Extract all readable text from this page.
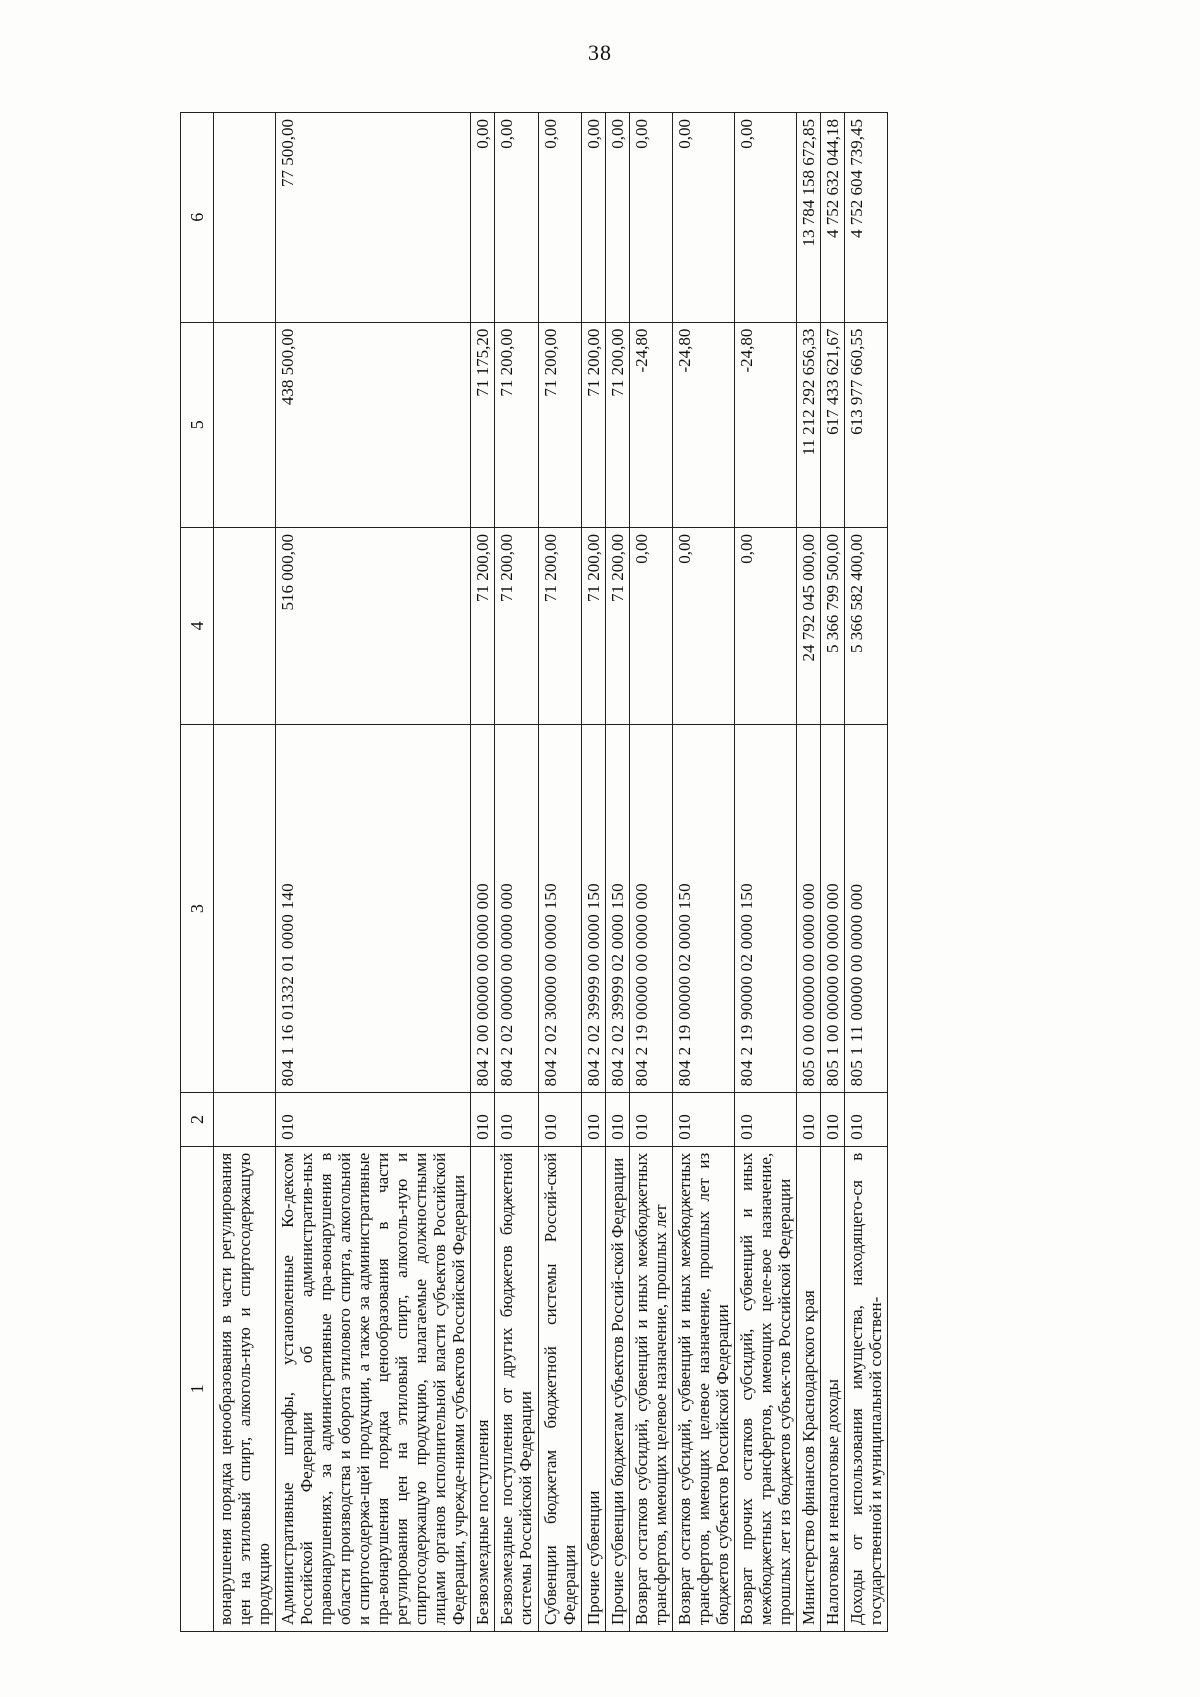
38
1	2	3	4	5	6
вонарушения порядка ценообразования в части регулирования цен на этиловый спирт, алкоголь-ную и спиртосодержащую продукцию					
Административные штрафы, установленные Ко-дексом Российской Федерации об административ-ных правонарушениях, за административные пра-вонарушения в области производства и оборота этилового спирта, алкогольной и спиртосодержа-щей продукции, а также за административные пра-вонарушения порядка ценообразования в части регулирования цен на этиловый спирт, алкоголь-ную и спиртосодержащую продукцию, налагаемые должностными лицами органов исполнительной власти субъектов Российской Федерации, учрежде-ниями субъектов Российской Федерации	010	804 1 16 01332 01 0000 140	516 000,00	438 500,00	77 500,00
Безвозмездные поступления	010	804 2 00 00000 00 0000 000	71 200,00	71 175,20	0,00
Безвозмездные поступления от других бюджетов бюджетной системы Российской Федерации	010	804 2 02 00000 00 0000 000	71 200,00	71 200,00	0,00
Субвенции бюджетам бюджетной системы Россий-ской Федерации	010	804 2 02 30000 00 0000 150	71 200,00	71 200,00	0,00
Прочие субвенции	010	804 2 02 39999 00 0000 150	71 200,00	71 200,00	0,00
Прочие субвенции бюджетам субъектов Россий-ской Федерации	010	804 2 02 39999 02 0000 150	71 200,00	71 200,00	0,00
Возврат остатков субсидий, субвенций и иных межбюджетных трансфертов, имеющих целевое назначение, прошлых лет	010	804 2 19 00000 00 0000 000	0,00	-24,80	0,00
Возврат остатков субсидий, субвенций и иных межбюджетных трансфертов, имеющих целевое назначение, прошлых лет из бюджетов субъектов Российской Федерации	010	804 2 19 00000 02 0000 150	0,00	-24,80	0,00
Возврат прочих остатков субсидий, субвенций и иных межбюджетных трансфертов, имеющих целе-вое назначение, прошлых лет из бюджетов субъек-тов Российской Федерации	010	804 2 19 90000 02 0000 150	0,00	-24,80	0,00
Министерство финансов Краснодарского края	010	805 0 00 00000 00 0000 000	24 792 045 000,00	11 212 292 656,33	13 784 158 672,85
Налоговые и неналоговые доходы	010	805 1 00 00000 00 0000 000	5 366 799 500,00	617 433 621,67	4 752 632 044,18
Доходы от использования имущества, находящего-ся в государственной и муниципальной собствен-	010	805 1 11 00000 00 0000 000	5 366 582 400,00	613 977 660,55	4 752 604 739,45
